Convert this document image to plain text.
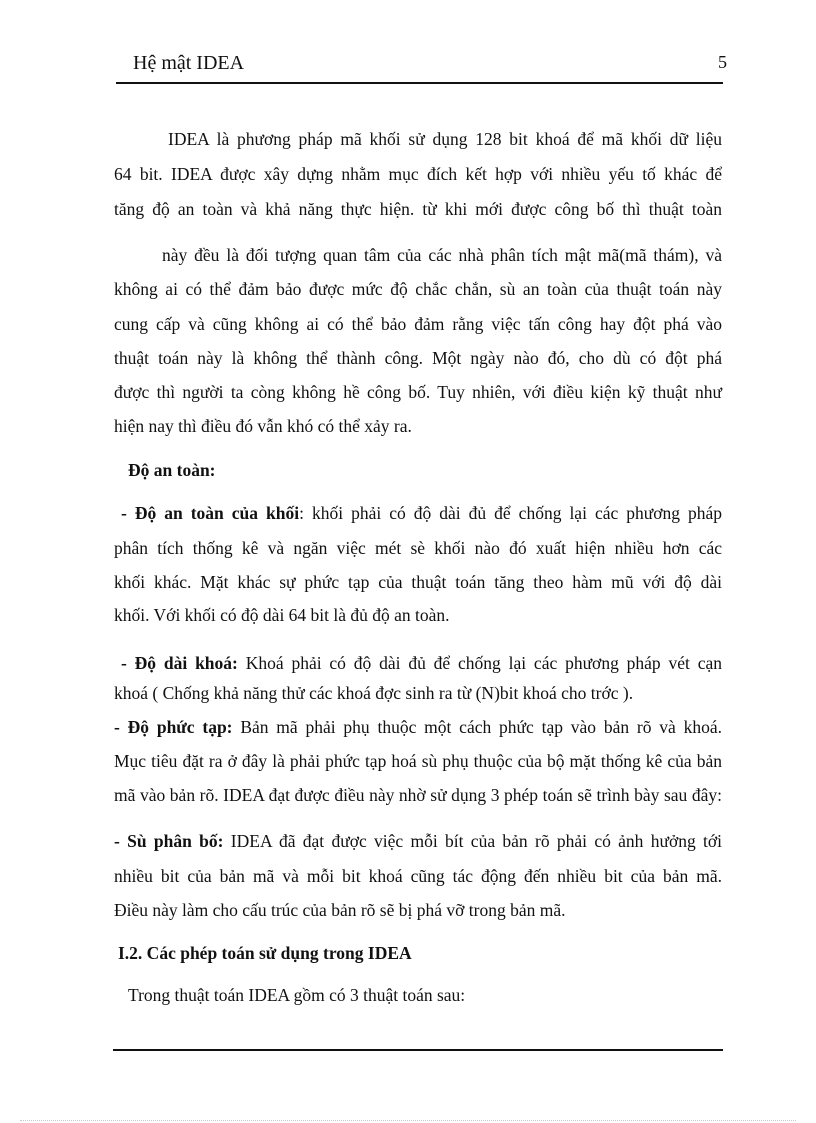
Hệ mật IDEA	5
IDEA là phương pháp mã khối sử dụng 128 bit khoá để mã khối dữ liệu
64 bit. IDEA được xây dựng nhằm mục đích kết hợp với nhiều yếu tố khác để
tăng độ an toàn và khả năng thực hiện. từ khi mới được công bố thì thuật toàn
này đều là đối tượng quan tâm của các nhà phân tích mật mã(mã thám), và
không ai có thể đảm bảo được mức độ chắc chắn, sù an toàn của thuật toán này
cung cấp và cũng không ai có thể bảo đảm rằng việc tấn công hay đột phá vào
thuật toán này là không thể thành công. Một ngày nào đó, cho dù có đột phá
được thì người ta còng không hề công bố. Tuy nhiên, với điều kiện kỹ thuật như
hiện nay thì điều đó vẫn khó có thể xảy ra.
Độ an toàn:
- Độ an toàn của khối: khối phải có độ dài đủ để chống lại các phương pháp
phân tích thống kê và ngăn việc mét sè khối nào đó xuất hiện nhiều hơn các
khối khác. Mặt khác sự phức tạp của thuật toán tăng theo hàm mũ với độ dài
khối. Với khối có độ dài 64 bit là đủ độ an toàn.
- Độ dài khoá: Khoá phải có độ dài đủ để chống lại các phương pháp vét cạn
khoá ( Chống khả năng thử các khoá đợc sinh ra từ (N)bit khoá cho trớc ).
- Độ phức tạp: Bản mã phải phụ thuộc một cách phức tạp vào bản rõ và khoá.
Mục tiêu đặt ra ở đây là phải phức tạp hoá sù phụ thuộc của bộ mặt thống kê của bản
mã vào bản rõ. IDEA đạt được điều này nhờ sử dụng 3 phép toán sẽ trình bày sau đây:
- Sù phân bố: IDEA đã đạt được việc mỗi bít của bản rõ phải có ảnh hưởng tới
nhiều bit của bản mã và mỗi bit khoá cũng tác động đến nhiều bit của bản mã.
Điều này làm cho cấu trúc của bản rõ sẽ bị phá vỡ trong bản mã.
I.2. Các phép toán sử dụng trong IDEA
Trong thuật toán IDEA gồm có 3 thuật toán sau:
